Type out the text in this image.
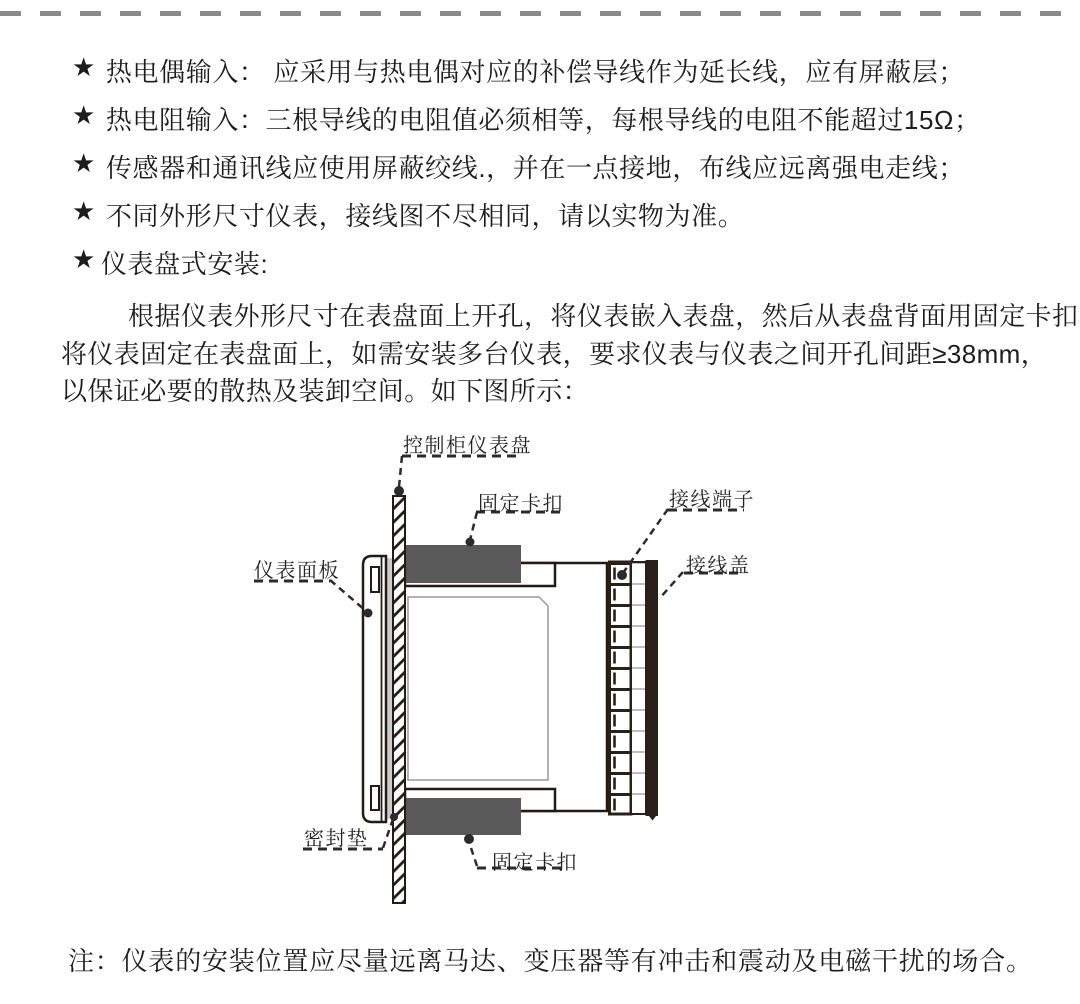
★ 热电偶输入： 应采用与热电偶对应的补偿导线作为延长线，应有屏蔽层；
★ 热电阻输入：三根导线的电阻值必须相等，每根导线的电阻不能超过15Ω；
★ 传感器和通讯线应使用屏蔽绞线.，并在一点接地，布线应远离强电走线；
★ 不同外形尺寸仪表，接线图不尽相同，请以实物为准。
★ 仪表盘式安装:
根据仪表外形尺寸在表盘面上开孔，将仪表嵌入表盘，然后从表盘背面用固定卡扣
将仪表固定在表盘面上，如需安装多台仪表，要求仪表与仪表之间开孔间距≥38mm，
以保证必要的散热及装卸空间。如下图所示：
控制柜仪表盘
固定卡扣	接线端子
接线盖
仪表面板
密封垫
固定卡扣
注：仪表的安装位置应尽量远离马达、变压器等有冲击和震动及电磁干扰的场合。
